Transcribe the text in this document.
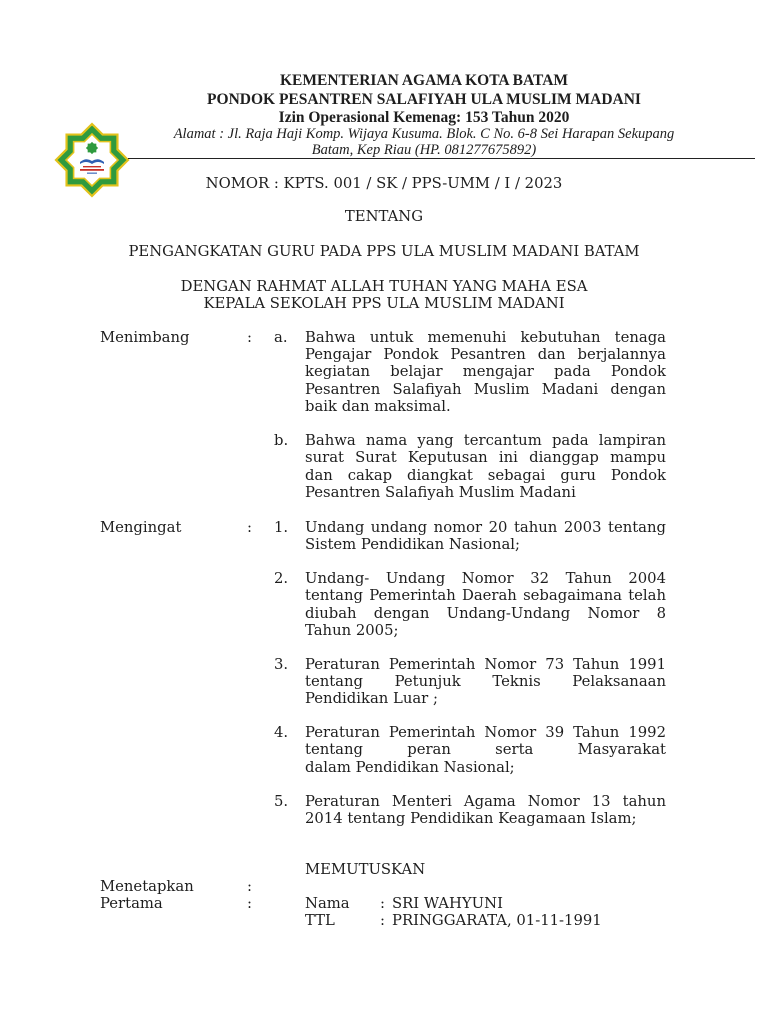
KEMENTERIAN AGAMA KOTA BATAM
PONDOK PESANTREN SALAFIYAH ULA MUSLIM MADANI
Izin Operasional Kemenag: 153 Tahun 2020
Alamat : Jl. Raja Haji Komp. Wijaya Kusuma. Blok. C No. 6-8 Sei Harapan Sekupang
Batam, Kep Riau (HP. 081277675892)
NOMOR : KPTS. 001 / SK / PPS-UMM / I / 2023
TENTANG
PENGANGKATAN GURU PADA PPS ULA MUSLIM MADANI BATAM
DENGAN RAHMAT ALLAH TUHAN YANG MAHA ESA
KEPALA SEKOLAH PPS ULA MUSLIM MADANI
Menimbang	: a. Bahwa untuk memenuhi kebutuhan tenaga
Pengajar Pondok Pesantren dan berjalannya
kegiatan belajar mengajar pada Pondok
Pesantren Salafiyah Muslim Madani dengan
baik dan maksimal.
b. Bahwa nama yang tercantum pada lampiran
surat Surat Keputusan ini dianggap mampu
dan cakap diangkat sebagai guru Pondok
Pesantren Salafiyah Muslim Madani
Mengingat	: 1. Undang undang nomor 20 tahun 2003 tentang
Sistem Pendidikan Nasional;
2. Undang- Undang Nomor 32 Tahun 2004
tentang Pemerintah Daerah sebagaimana telah
diubah dengan Undang-Undang Nomor 8
Tahun 2005;
3. Peraturan Pemerintah Nomor 73 Tahun 1991
tentang Petunjuk Teknis Pelaksanaan
Pendidikan Luar ;
4. Peraturan Pemerintah Nomor 39 Tahun 1992
tentang peran serta Masyarakat
dalam Pendidikan Nasional;
5. Peraturan Menteri Agama Nomor 13 tahun
2014 tentang Pendidikan Keagamaan Islam;
MEMUTUSKAN
Menetapkan	:
Pertama	:	Nama : SRI WAHYUNI
TTL	: PRINGGARATA, 01-11-1991
